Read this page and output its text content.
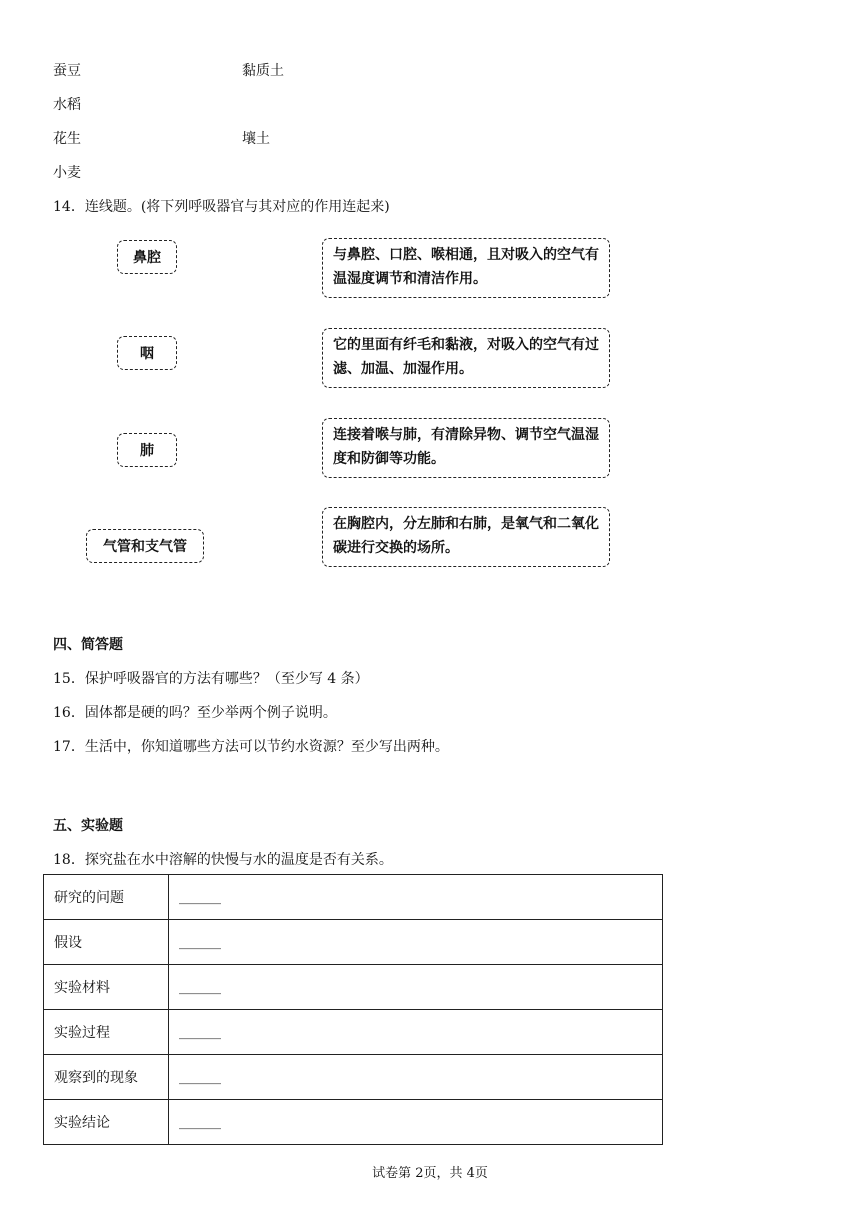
蚕豆	黏质土
水稻
花生	壤土
小麦
14．连线题。(将下列呼吸器官与其对应的作用连起来)
鼻腔
咽
肺
气管和支气管
与鼻腔、口腔、喉相通，且对吸入的空气有温湿度调节和清洁作用。
它的里面有纤毛和黏液，对吸入的空气有过滤、加温、加湿作用。
连接着喉与肺，有清除异物、调节空气温湿度和防御等功能。
在胸腔内，分左肺和右肺，是氧气和二氧化碳进行交换的场所。
四、简答题
15．保护呼吸器官的方法有哪些？（至少写 4 条）
16．固体都是硬的吗？至少举两个例子说明。
17．生活中，你知道哪些方法可以节约水资源？至少写出两种。
五、实验题
18．探究盐在水中溶解的快慢与水的温度是否有关系。
研究的问题	______
假设	______
实验材料	______
实验过程	______
观察到的现象	______
实验结论	______
试卷第 2页，共 4页
